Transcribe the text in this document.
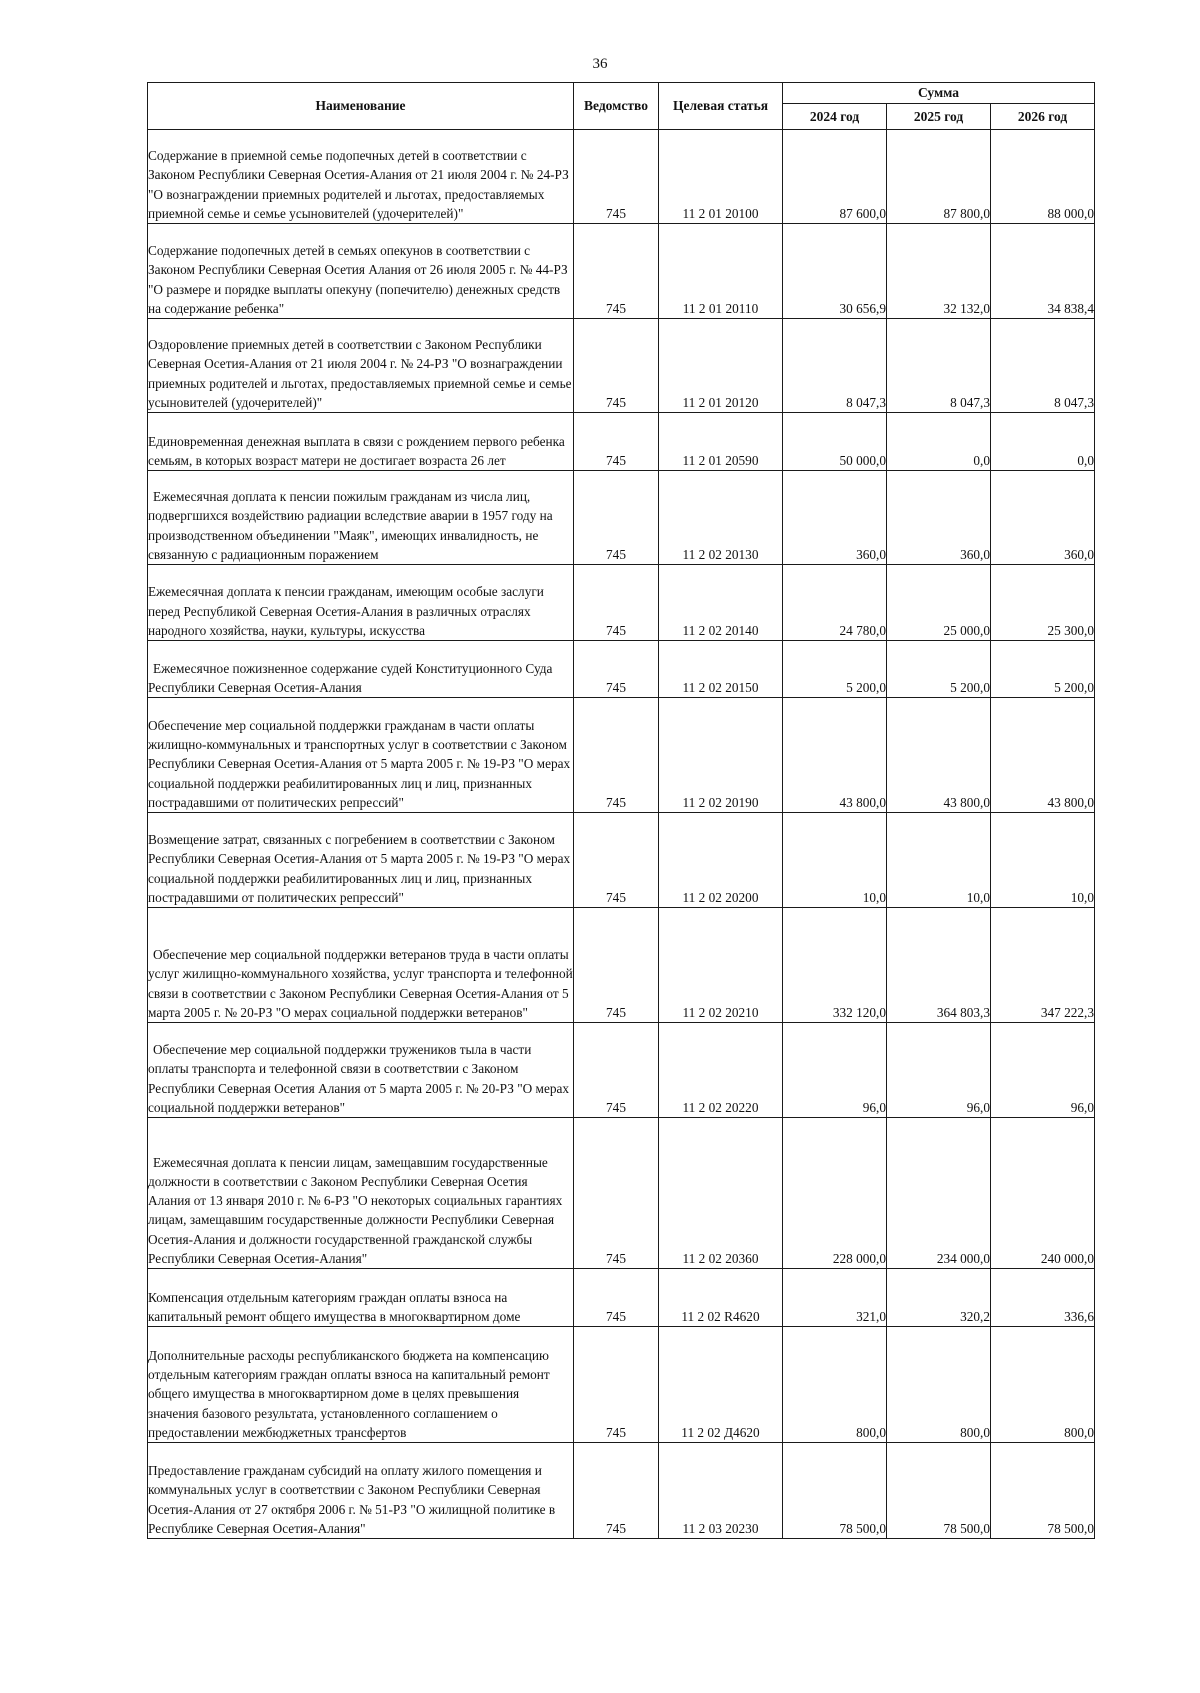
36
Наименование	Ведомство	Целевая статья	Сумма		
			2024 год	2025 год	2026 год
Содержание в приемной семье подопечных детей в соответствии с Законом Республики Северная Осетия-Алания от 21 июля 2004 г. № 24-РЗ "О вознаграждении приемных родителей и льготах, предоставляемых приемной семье и семье усыновителей (удочерителей)"	745	11 2 01 20100	87 600,0	87 800,0	88 000,0
Содержание подопечных детей в семьях опекунов в соответствии с Законом Республики Северная Осетия Алания от 26 июля 2005 г. № 44-РЗ "О размере и порядке выплаты опекуну (попечителю) денежных средств на содержание ребенка"	745	11 2 01 20110	30 656,9	32 132,0	34 838,4
Оздоровление приемных детей в соответствии с Законом Республики Северная Осетия-Алания от 21 июля 2004 г. № 24-РЗ "О вознаграждении приемных родителей и льготах, предоставляемых приемной семье и семье усыновителей (удочерителей)"	745	11 2 01 20120	8 047,3	8 047,3	8 047,3
Единовременная денежная выплата в связи с рождением первого ребенка семьям, в которых возраст матери не достигает возраста 26 лет	745	11 2 01 20590	50 000,0	0,0	0,0
Ежемесячная доплата к пенсии пожилым гражданам из числа лиц, подвергшихся воздействию радиации вследствие аварии в 1957 году на производственном объединении "Маяк", имеющих инвалидность, не связанную с радиационным поражением	745	11 2 02 20130	360,0	360,0	360,0
Ежемесячная доплата к пенсии гражданам, имеющим особые заслуги перед Республикой Северная Осетия-Алания в различных отраслях народного хозяйства, науки, культуры, искусства	745	11 2 02 20140	24 780,0	25 000,0	25 300,0
Ежемесячное пожизненное содержание судей Конституционного Суда Республики Северная Осетия-Алания	745	11 2 02 20150	5 200,0	5 200,0	5 200,0
Обеспечение мер социальной поддержки гражданам в части оплаты жилищно-коммунальных и транспортных услуг в соответствии с Законом Республики Северная Осетия-Алания от 5 марта 2005 г. № 19-РЗ "О мерах социальной поддержки реабилитированных лиц и лиц, признанных пострадавшими от политических репрессий"	745	11 2 02 20190	43 800,0	43 800,0	43 800,0
Возмещение затрат, связанных с погребением в соответствии с Законом Республики Северная Осетия-Алания от 5 марта 2005 г. № 19-РЗ "О мерах социальной поддержки реабилитированных лиц и лиц, признанных пострадавшими от политических репрессий"	745	11 2 02 20200	10,0	10,0	10,0
Обеспечение мер социальной поддержки ветеранов труда в части оплаты услуг жилищно-коммунального хозяйства, услуг транспорта и телефонной связи в соответствии с Законом Республики Северная Осетия-Алания от 5 марта 2005 г. № 20-РЗ "О мерах социальной поддержки ветеранов"	745	11 2 02 20210	332 120,0	364 803,3	347 222,3
Обеспечение мер социальной поддержки тружеников тыла в части оплаты транспорта и телефонной связи в соответствии с Законом Республики Северная Осетия Алания от 5 марта 2005 г. № 20-РЗ "О мерах социальной поддержки ветеранов"	745	11 2 02 20220	96,0	96,0	96,0
Ежемесячная доплата к пенсии лицам, замещавшим государственные должности в соответствии с Законом Республики Северная Осетия Алания от 13 января 2010 г. № 6-РЗ "О некоторых социальных гарантиях лицам, замещавшим государственные должности Республики Северная Осетия-Алания и должности государственной гражданской службы Республики Северная Осетия-Алания"	745	11 2 02 20360	228 000,0	234 000,0	240 000,0
Компенсация отдельным категориям граждан оплаты взноса на капитальный ремонт общего имущества в многоквартирном доме	745	11 2 02 R4620	321,0	320,2	336,6
Дополнительные расходы республиканского бюджета на компенсацию отдельным категориям граждан оплаты взноса на капитальный ремонт общего имущества в многоквартирном доме в целях превышения значения базового результата, установленного соглашением о предоставлении межбюджетных трансфертов	745	11 2 02 Д4620	800,0	800,0	800,0
Предоставление гражданам субсидий на оплату жилого помещения и коммунальных услуг в соответствии с Законом Республики Северная Осетия-Алания от 27 октября 2006 г. № 51-РЗ "О жилищной политике в Республике Северная Осетия-Алания"	745	11 2 03 20230	78 500,0	78 500,0	78 500,0
